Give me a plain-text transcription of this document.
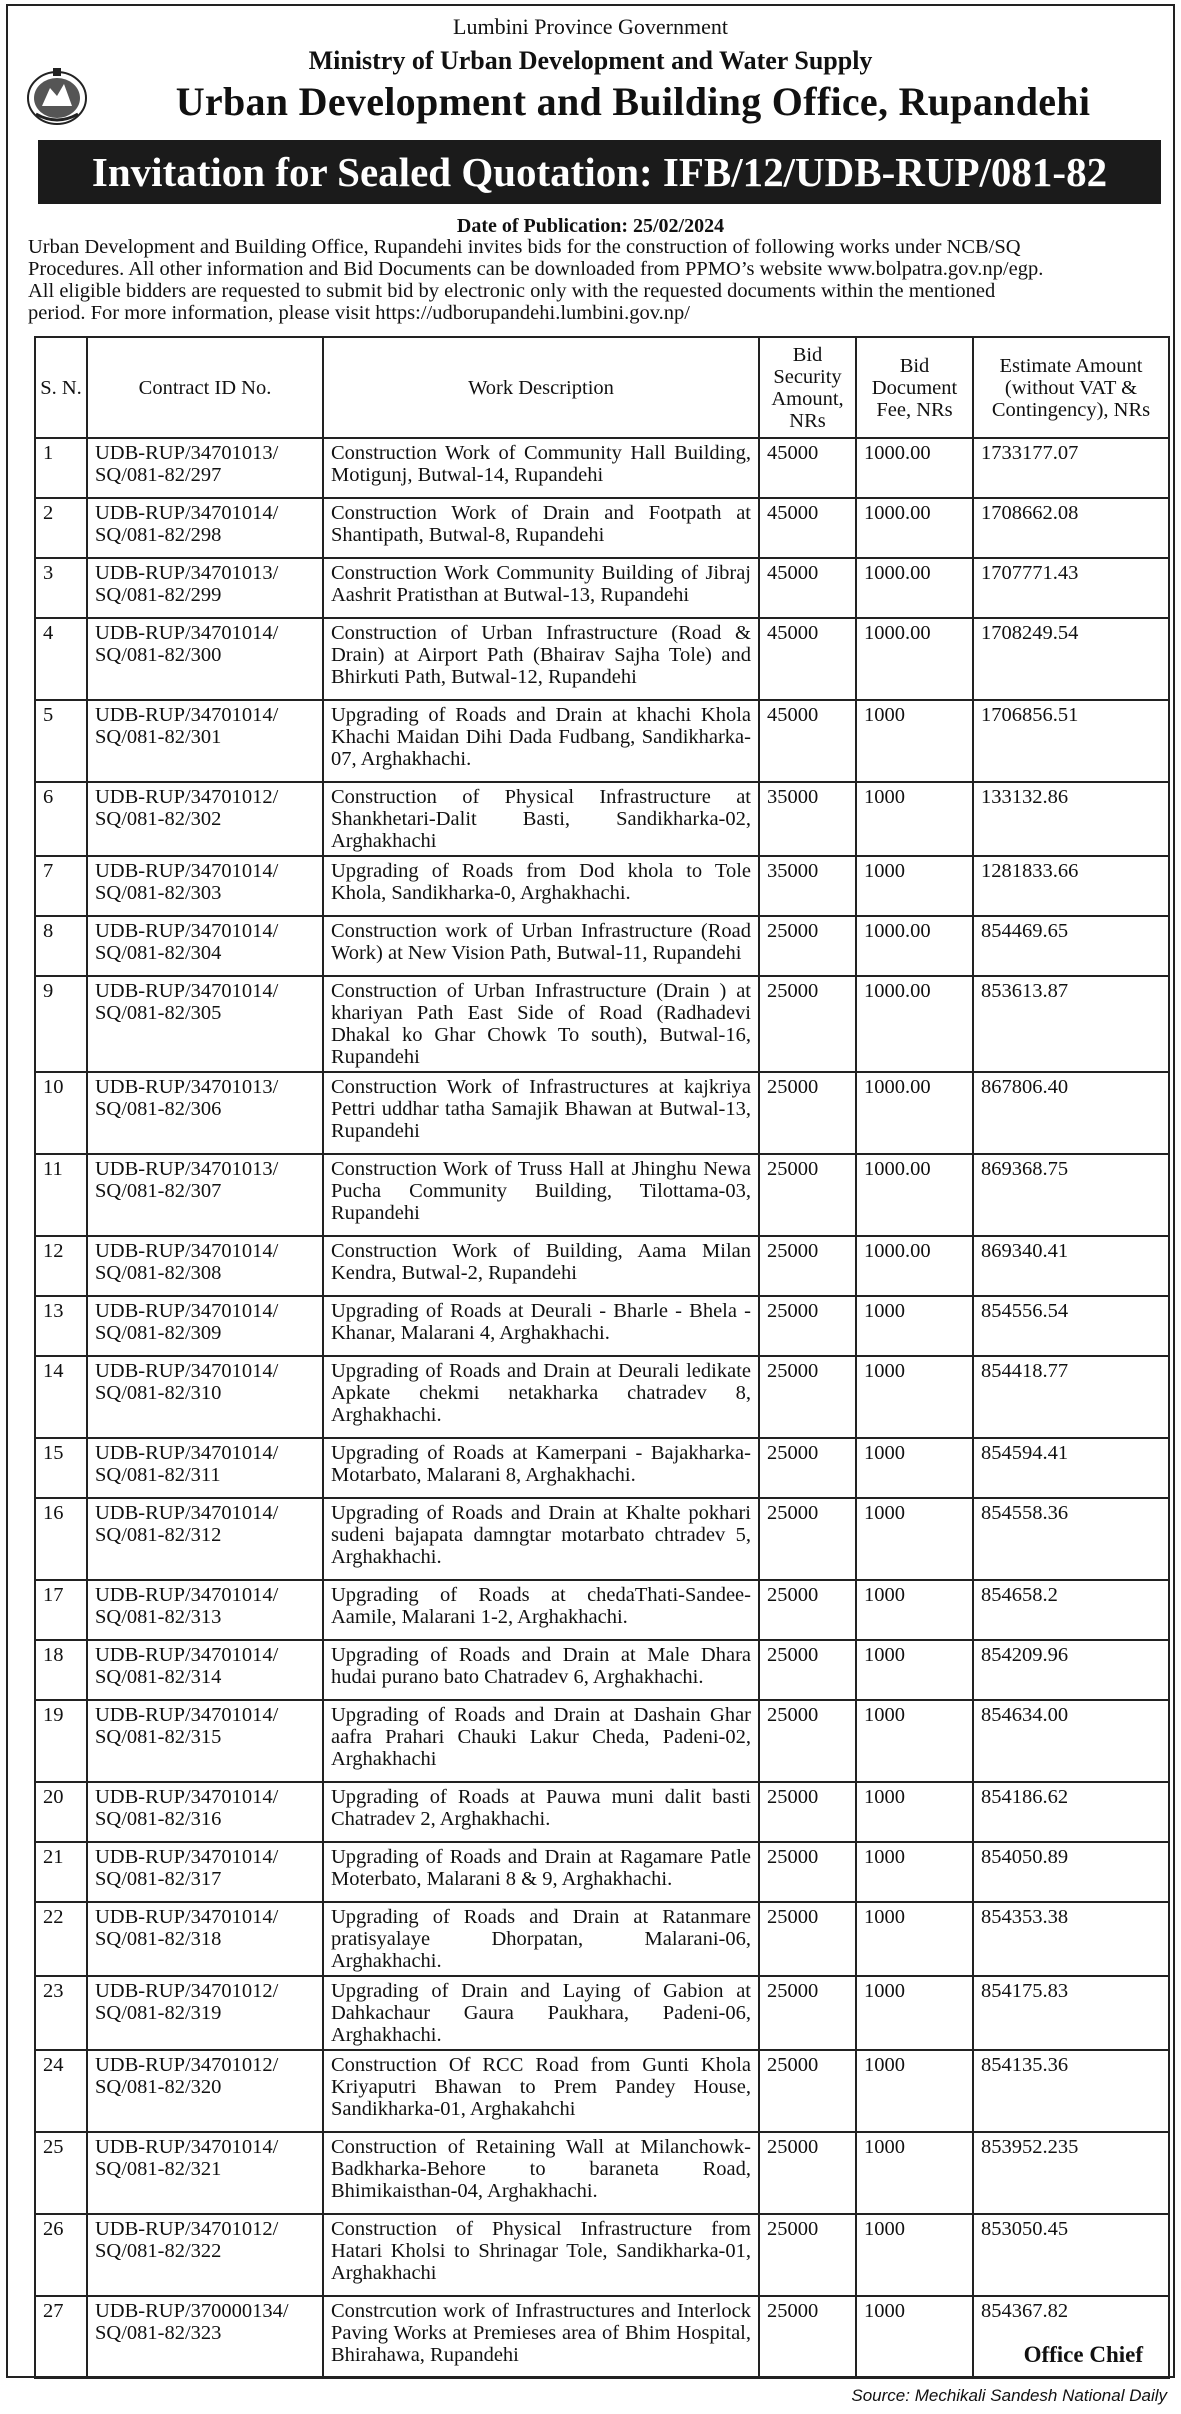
Lumbini Province Government
Ministry of Urban Development and Water Supply
Urban Development and Building Office, Rupandehi
Invitation for Sealed Quotation: IFB/12/UDB-RUP/081-82
Date of Publication: 25/02/2024
Urban Development and Building Office, Rupandehi invites bids for the construction of following works under NCB/SQ
Procedures. All other information and Bid Documents can be downloaded from PPMO’s website www.bolpatra.gov.np/egp.
All eligible bidders are requested to submit bid by electronic only with the requested documents within the mentioned
period. For more information, please visit https://udborupandehi.lumbini.gov.np/
S. N.	Contract ID No.	Work Description	Bid Security Amount, NRs	Bid Document Fee, NRs	Estimate Amount (without VAT & Contingency), NRs
1	UDB-RUP/34701013/ SQ/081-82/297	Construction Work of Community Hall Building, Motigunj, Butwal-14, Rupandehi	45000	1000.00	1733177.07
2	UDB-RUP/34701014/ SQ/081-82/298	Construction Work of Drain and Footpath at Shantipath, Butwal-8, Rupandehi	45000	1000.00	1708662.08
3	UDB-RUP/34701013/ SQ/081-82/299	Construction Work Community Building of Jibraj Aashrit Pratisthan at Butwal-13, Rupandehi	45000	1000.00	1707771.43
4	UDB-RUP/34701014/ SQ/081-82/300	Construction of Urban Infrastructure (Road & Drain) at Airport Path (Bhairav Sajha Tole) and Bhirkuti Path, Butwal-12, Rupandehi	45000	1000.00	1708249.54
5	UDB-RUP/34701014/ SQ/081-82/301	Upgrading of Roads and Drain at khachi Khola Khachi Maidan Dihi Dada Fudbang, Sandikharka-07, Arghakhachi.	45000	1000	1706856.51
6	UDB-RUP/34701012/ SQ/081-82/302	Construction of Physical Infrastructure at Shankhetari-Dalit Basti, Sandikharka-02, Arghakhachi	35000	1000	133132.86
7	UDB-RUP/34701014/ SQ/081-82/303	Upgrading of Roads from Dod khola to Tole Khola, Sandikharka-0, Arghakhachi.	35000	1000	1281833.66
8	UDB-RUP/34701014/ SQ/081-82/304	Construction work of Urban Infrastructure (Road Work) at New Vision Path, Butwal-11, Rupandehi	25000	1000.00	854469.65
9	UDB-RUP/34701014/ SQ/081-82/305	Construction of Urban Infrastructure (Drain ) at khariyan Path East Side of Road (Radhadevi Dhakal ko Ghar Chowk To south), Butwal-16, Rupandehi	25000	1000.00	853613.87
10	UDB-RUP/34701013/ SQ/081-82/306	Construction Work of Infrastructures at kajkriya Pettri uddhar tatha Samajik Bhawan at Butwal-13, Rupandehi	25000	1000.00	867806.40
11	UDB-RUP/34701013/ SQ/081-82/307	Construction Work of Truss Hall at Jhinghu Newa Pucha Community Building, Tilottama-03, Rupandehi	25000	1000.00	869368.75
12	UDB-RUP/34701014/ SQ/081-82/308	Construction Work of Building, Aama Milan Kendra, Butwal-2, Rupandehi	25000	1000.00	869340.41
13	UDB-RUP/34701014/ SQ/081-82/309	Upgrading of Roads at Deurali - Bharle - Bhela - Khanar, Malarani 4, Arghakhachi.	25000	1000	854556.54
14	UDB-RUP/34701014/ SQ/081-82/310	Upgrading of Roads and Drain at Deurali ledikate Apkate chekmi netakharka chatradev 8, Arghakhachi.	25000	1000	854418.77
15	UDB-RUP/34701014/ SQ/081-82/311	Upgrading of Roads at Kamerpani - Bajakharka-Motarbato, Malarani 8, Arghakhachi.	25000	1000	854594.41
16	UDB-RUP/34701014/ SQ/081-82/312	Upgrading of Roads and Drain at Khalte pokhari sudeni bajapata damngtar motarbato chtradev 5, Arghakhachi.	25000	1000	854558.36
17	UDB-RUP/34701014/ SQ/081-82/313	Upgrading of Roads at chedaThati-Sandee-Aamile, Malarani 1-2, Arghakhachi.	25000	1000	854658.2
18	UDB-RUP/34701014/ SQ/081-82/314	Upgrading of Roads and Drain at Male Dhara hudai purano bato Chatradev 6, Arghakhachi.	25000	1000	854209.96
19	UDB-RUP/34701014/ SQ/081-82/315	Upgrading of Roads and Drain at Dashain Ghar aafra Prahari Chauki Lakur Cheda, Padeni-02, Arghakhachi	25000	1000	854634.00
20	UDB-RUP/34701014/ SQ/081-82/316	Upgrading of Roads at Pauwa muni dalit basti Chatradev 2, Arghakhachi.	25000	1000	854186.62
21	UDB-RUP/34701014/ SQ/081-82/317	Upgrading of Roads and Drain at Ragamare Patle Moterbato, Malarani 8 & 9, Arghakhachi.	25000	1000	854050.89
22	UDB-RUP/34701014/ SQ/081-82/318	Upgrading of Roads and Drain at Ratanmare pratisyalaye Dhorpatan, Malarani-06, Arghakhachi.	25000	1000	854353.38
23	UDB-RUP/34701012/ SQ/081-82/319	Upgrading of Drain and Laying of Gabion at Dahkachaur Gaura Paukhara, Padeni-06, Arghakhachi.	25000	1000	854175.83
24	UDB-RUP/34701012/ SQ/081-82/320	Construction Of RCC Road from Gunti Khola Kriyaputri Bhawan to Prem Pandey House, Sandikharka-01, Arghakahchi	25000	1000	854135.36
25	UDB-RUP/34701014/ SQ/081-82/321	Construction of Retaining Wall at Milanchowk-Badkharka-Behore to baraneta Road, Bhimikaisthan-04, Arghakhachi.	25000	1000	853952.235
26	UDB-RUP/34701012/ SQ/081-82/322	Construction of Physical Infrastructure from Hatari Kholsi to Shrinagar Tole, Sandikharka-01, Arghakhachi	25000	1000	853050.45
27	UDB-RUP/370000134/ SQ/081-82/323	Constrcution work of Infrastructures and Interlock Paving Works at Premieses area of Bhim Hospital, Bhirahawa, Rupandehi	25000	1000	854367.82
Office Chief
Source: Mechikali Sandesh National Daily
